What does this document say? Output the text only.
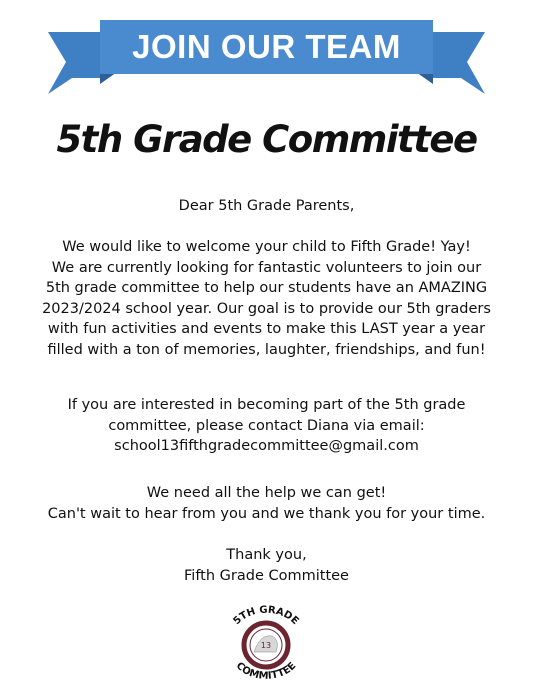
JOIN OUR TEAM
5th Grade Committee

Dear 5th Grade Parents,

We would like to welcome your child to Fifth Grade! Yay!

We are currently looking for fantastic volunteers to join our

5th grade committee to help our students have an AMAZING

2023/2024 school year. Our goal is to provide our 5th graders

with fun activities and events to make this LAST year a year

filled with a ton of memories, laughter, friendships, and fun!

If you are interested in becoming part of the 5th grade

committee, please contact Diana via email:

school13fifthgradecommittee@gmail.com

We need all the help we can get!

Can't wait to hear from you and we thank you for your time.

Thank you,

Fifth Grade Committee

5TH GRADE
13
COMMITTEE
